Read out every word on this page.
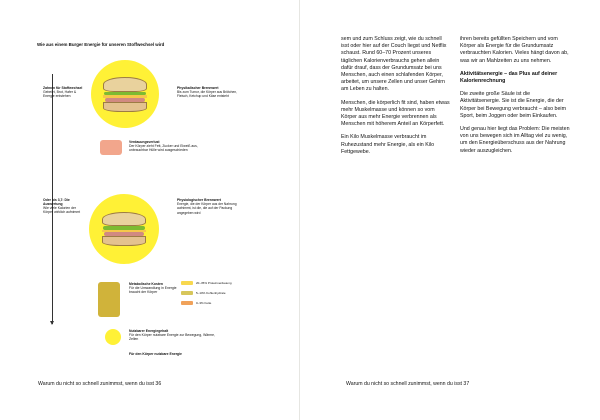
Wie aus einem Burger Energie für unseren Stoffwechsel wird
Zahnen für Stoffwechsel
Gebeizt, Brot, Hafer & Energie entstehen
Physikalischer Brennwert
Bis zum Tumor, die Körper aus Brötchen, Fleisch, Ketchup und Käse entsteht
Verdauungsverlust
Der Körper zieht Fett, Zucker und Eiweiß aus, unbrauchbar Hülle wird ausgeschieden
Oder bis 3,7: Die Auswertung
Wie viele Kalorien der Körper wirklich aufnimmt
Physiologischer Brennwert
Energie, die der Körper aus der Nahrung aufnimmt, ist die, die auf der Packung angegeben wird
Metabolische Kosten
Für die Umwandlung in Energie braucht der Körper
20–35% Proteinverdauung
5–10% Kohlenhydrate
0–3% Fette
Nutzbarer Energiegehalt
Für den Körper nutzbare Energie zur Bewegung, Wärme, Zellen
Für den Körper nutzbare Energie
Warum du nicht so schnell zunimmst, wenn du isst 36

sem und zum Schluss zeigt, wie du schnell isst oder hier auf der Couch liegst und Netflix schaust. Rund 60–70 Prozent unseres täglichen Kalorienverbrauchs gehen allein dafür drauf, dass der Grundumsatz bei uns Menschen, auch einen schlafenden Körper, arbeitet, um unsere Zellen und unser Gehirn am Leben zu halten.

Menschen, die körperlich fit sind, haben etwas mehr Muskelmasse und können so vom Körper aus mehr Energie verbrennen als Menschen mit höherem Anteil an Körperfett.

Ein Kilo Muskelmasse verbraucht im Ruhezustand mehr Energie, als ein Kilo Fettgewebe.

ihren bereits gefüllten Speichern und vom Körper als Energie für die Grundumsatz verbrauchten Kalorien. Vieles hängt davon ab, was wir an Mahlzeiten zu uns nehmen.

Aktivitätsenergie – das Plus auf deiner Kalorienrechnung

Die zweite große Säule ist die Aktivitätsenergie. Sie ist die Energie, die der Körper bei Bewegung verbraucht – also beim Sport, beim Joggen oder beim Einkaufen.

Und genau hier liegt das Problem: Die meisten von uns bewegen sich im Alltag viel zu wenig, um den Energieüberschuss aus der Nahrung wieder auszugleichen.

Warum du nicht so schnell zunimmst, wenn du isst 37
